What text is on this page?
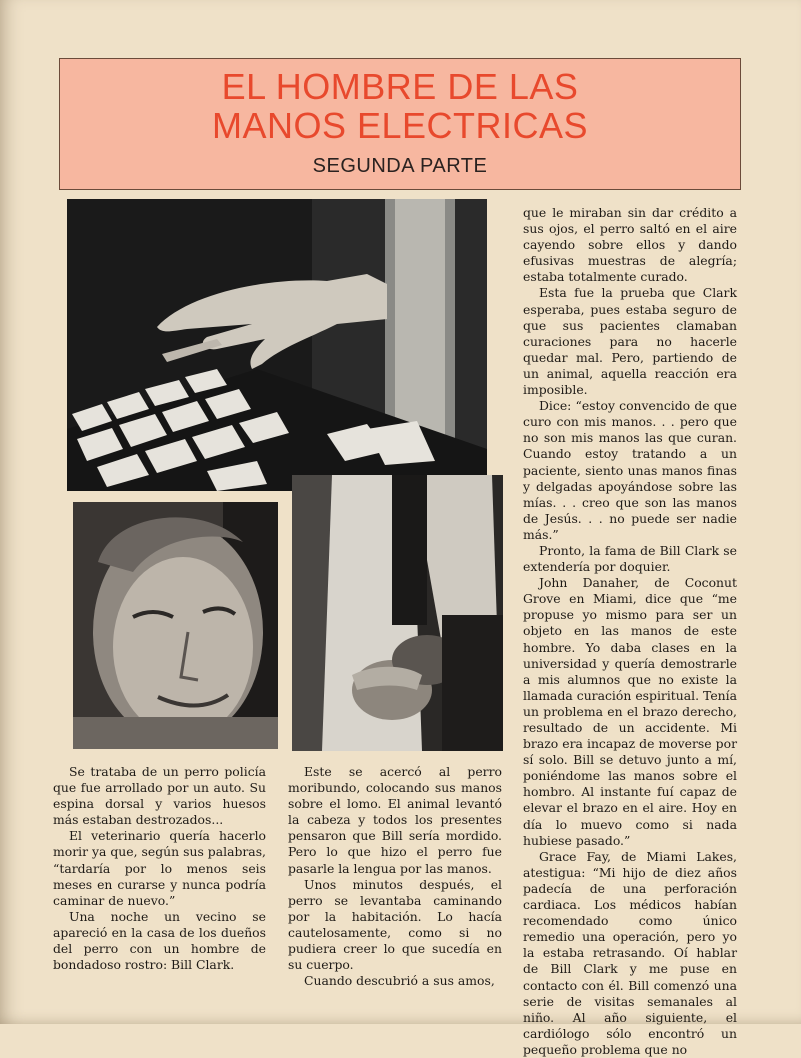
EL HOMBRE DE LAS
MANOS ELECTRICAS
SEGUNDA PARTE

Se trataba de un perro policía que fue arrollado por un auto. Su espina dorsal y varios huesos más estaban destrozados...

El veterinario quería hacerlo morir ya que, según sus palabras, “tardaría por lo menos seis meses en curarse y nunca podría caminar de nuevo.”

Una noche un vecino se apareció en la casa de los dueños del perro con un hombre de bondadoso rostro: Bill Clark.

Este se acercó al perro moribundo, colocando sus manos sobre el lomo. El animal levantó la cabeza y todos los presentes pensaron que Bill sería mordido. Pero lo que hizo el perro fue pasarle la lengua por las manos.

Unos minutos después, el perro se levantaba caminando por la habitación. Lo hacía cautelosamente, como si no pudiera creer lo que sucedía en su cuerpo.

Cuando descubrió a sus amos,

que le miraban sin dar crédito a sus ojos, el perro saltó en el aire cayendo sobre ellos y dando efusivas muestras de alegría; estaba totalmente curado.

Esta fue la prueba que Clark esperaba, pues estaba seguro de que sus pacientes clamaban curaciones para no hacerle quedar mal. Pero, partiendo de un animal, aquella reacción era imposible.

Dice: “estoy convencido de que curo con mis manos. . . pero que no son mis manos las que curan. Cuando estoy tratando a un paciente, siento unas manos finas y delgadas apoyándose sobre las mías. . . creo que son las manos de Jesús. . . no puede ser nadie más.”

Pronto, la fama de Bill Clark se extendería por doquier.

John Danaher, de Coconut Grove en Miami, dice que “me propuse yo mismo para ser un objeto en las manos de este hombre. Yo daba clases en la universidad y quería demostrarle a mis alumnos que no existe la llamada curación espiritual. Tenía un problema en el brazo derecho, resultado de un accidente. Mi brazo era incapaz de moverse por sí solo. Bill se detuvo junto a mí, poniéndome las manos sobre el hombro. Al instante fuí capaz de elevar el brazo en el aire. Hoy en día lo muevo como si nada hubiese pasado.”

Grace Fay, de Miami Lakes, atestigua: “Mi hijo de diez años padecía de una perforación cardiaca. Los médicos habían recomendado como único remedio una operación, pero yo la estaba retrasando. Oí hablar de Bill Clark y me puse en contacto con él. Bill comenzó una serie de visitas semanales al niño. Al año siguiente, el cardiólogo sólo encontró un pequeño problema que no
